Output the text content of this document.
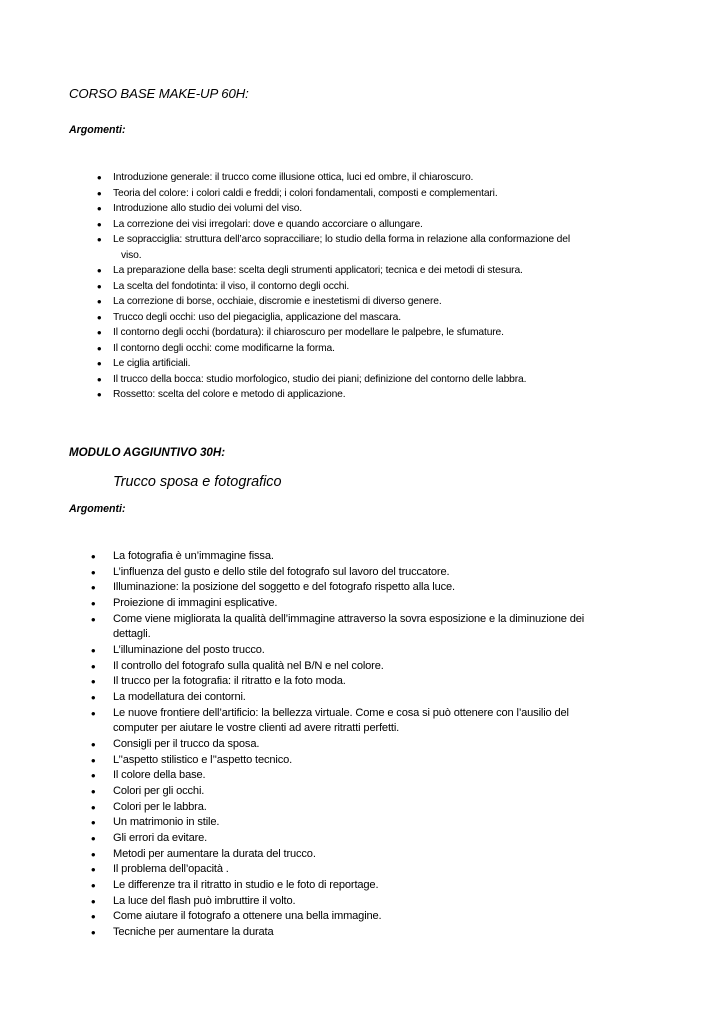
CORSO BASE MAKE-UP 60H:
Argomenti:
• Introduzione generale: il trucco come illusione ottica, luci ed ombre, il chiaroscuro.
• Teoria del colore: i colori caldi e freddi; i colori fondamentali, composti e complementari.
• Introduzione allo studio dei volumi del viso.
• La correzione dei visi irregolari: dove e quando accorciare o allungare.
• Le sopracciglia: struttura dell’arco sopracciliare; lo studio della forma in relazione alla conformazione del
viso.
• La preparazione della base: scelta degli strumenti applicatori; tecnica e dei metodi di stesura.
• La scelta del fondotinta: il viso, il contorno degli occhi.
• La correzione di borse, occhiaie, discromie e inestetismi di diverso genere.
• Trucco degli occhi: uso del piegaciglia, applicazione del mascara.
• Il contorno degli occhi (bordatura): il chiaroscuro per modellare le palpebre, le sfumature.
• Il contorno degli occhi: come modificarne la forma.
• Le ciglia artificiali.
• Il trucco della bocca: studio morfologico, studio dei piani; definizione del contorno delle labbra.
• Rossetto: scelta del colore e metodo di applicazione.
MODULO AGGIUNTIVO 30H:
Trucco sposa e fotografico
Argomenti:
• La fotografia è un’immagine fissa.
• L’influenza del gusto e dello stile del fotografo sul lavoro del truccatore.
• Illuminazione: la posizione del soggetto e del fotografo rispetto alla luce.
• Proiezione di immagini esplicative.
• Come viene migliorata la qualità dell’immagine attraverso la sovra esposizione e la diminuzione dei
dettagli.
• L’illuminazione del posto trucco.
• Il controllo del fotografo sulla qualità nel B/N e nel colore.
• Il trucco per la fotografia: il ritratto e la foto moda.
• La modellatura dei contorni.
• Le nuove frontiere dell’artificio: la bellezza virtuale. Come e cosa si può ottenere con l’ausilio del
computer per aiutare le vostre clienti ad avere ritratti perfetti.
• Consigli per il trucco da sposa.
• L’'aspetto stilistico e l’'aspetto tecnico.
• Il colore della base.
• Colori per gli occhi.
• Colori per le labbra.
• Un matrimonio in stile.
• Gli errori da evitare.
• Metodi per aumentare la durata del trucco.
• Il problema dell’opacità .
• Le differenze tra il ritratto in studio e le foto di reportage.
• La luce del flash può imbruttire il volto.
• Come aiutare il fotografo a ottenere una bella immagine.
• Tecniche per aumentare la durata
